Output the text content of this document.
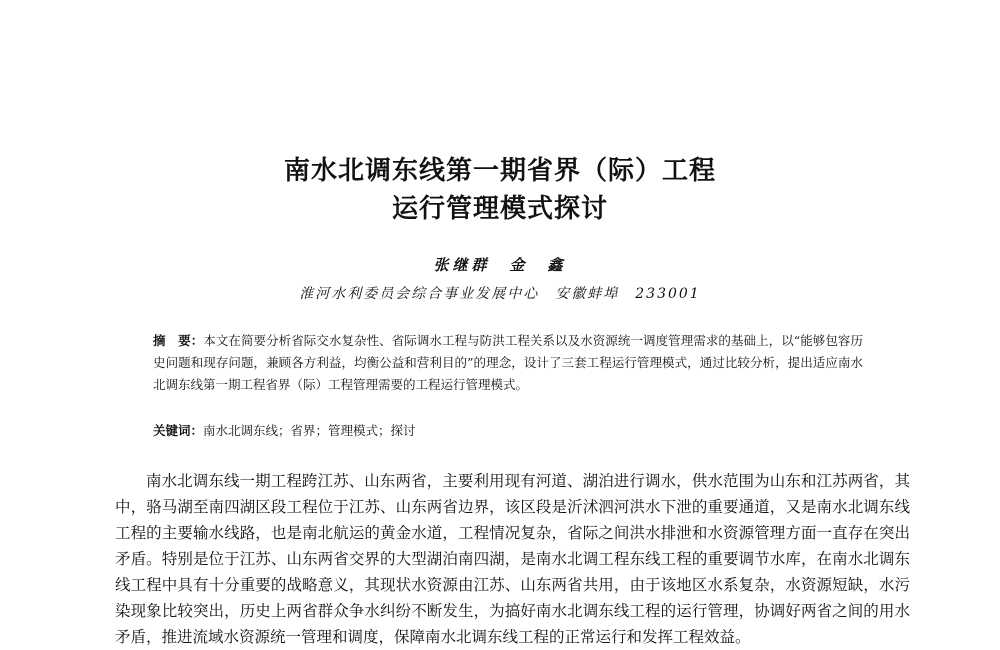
南水北调东线第一期省界（际）工程
运行管理模式探讨
张继群　金　鑫
淮河水利委员会综合事业发展中心　安徽蚌埠　233001
摘　要：本文在简要分析省际交水复杂性、省际调水工程与防洪工程关系以及水资源统一调度管理需求的基础上，以“能够包容历史问题和现存问题，兼顾各方利益，均衡公益和营利目的”的理念，设计了三套工程运行管理模式，通过比较分析，提出适应南水北调东线第一期工程省界（际）工程管理需要的工程运行管理模式。
关键词：南水北调东线；省界；管理模式；探讨
南水北调东线一期工程跨江苏、山东两省，主要利用现有河道、湖泊进行调水，供水范围为山东和江苏两省，其中，骆马湖至南四湖区段工程位于江苏、山东两省边界，该区段是沂沭泗河洪水下泄的重要通道，又是南水北调东线工程的主要输水线路，也是南北航运的黄金水道，工程情况复杂，省际之间洪水排泄和水资源管理方面一直存在突出矛盾。特别是位于江苏、山东两省交界的大型湖泊南四湖，是南水北调工程东线工程的重要调节水库，在南水北调东线工程中具有十分重要的战略意义，其现状水资源由江苏、山东两省共用，由于该地区水系复杂，水资源短缺，水污染现象比较突出，历史上两省群众争水纠纷不断发生，为搞好南水北调东线工程的运行管理，协调好两省之间的用水矛盾，推进流域水资源统一管理和调度，保障南水北调东线工程的正常运行和发挥工程效益。
